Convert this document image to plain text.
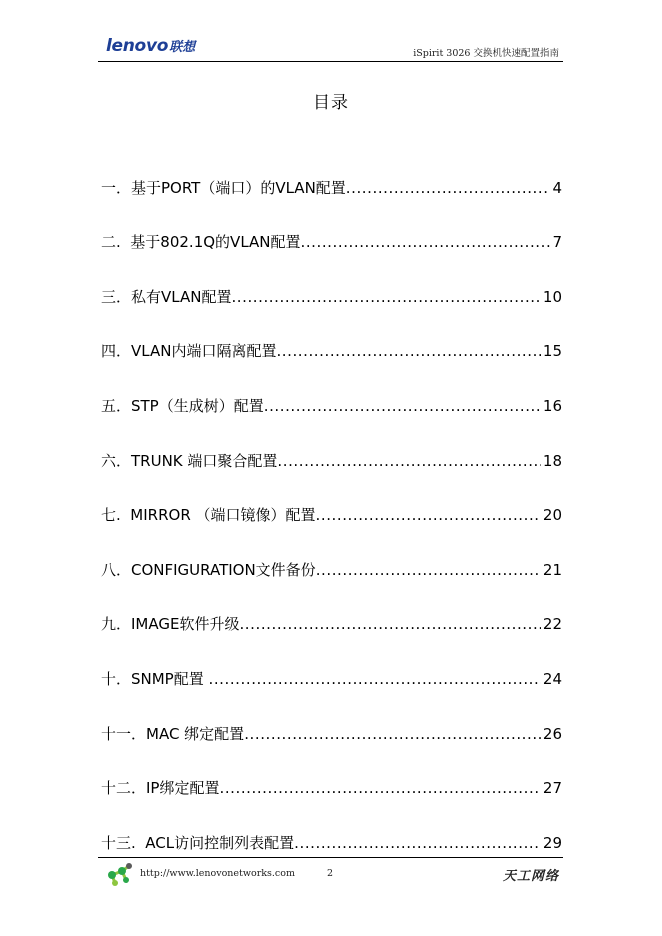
lenovo 联想	iSpirit 3026 交换机快速配置指南
目录
一．基于PORT（端口）的VLAN配置 . . .	4
二.  基于802.1Q的VLAN配置 . . .	7
三．私有VLAN配置 . . .	10
四．VLAN内端口隔离配置 . . .	15
五．STP（生成树）配置 . . .	16
六．TRUNK 端口聚合配置 . . .	18
七.  MIRROR （端口镜像）配置 . . .	20
八．CONFIGURATION文件备份 . . .	21
九．IMAGE软件升级 . . .	22
十．SNMP配置 . . .	24
十一．MAC 绑定配置 . . .	26
十二．IP绑定配置 . . .	27
十三.  ACL访问控制列表配置 . . .	29
http://www.lenovonetworks.com	2	天工网络
